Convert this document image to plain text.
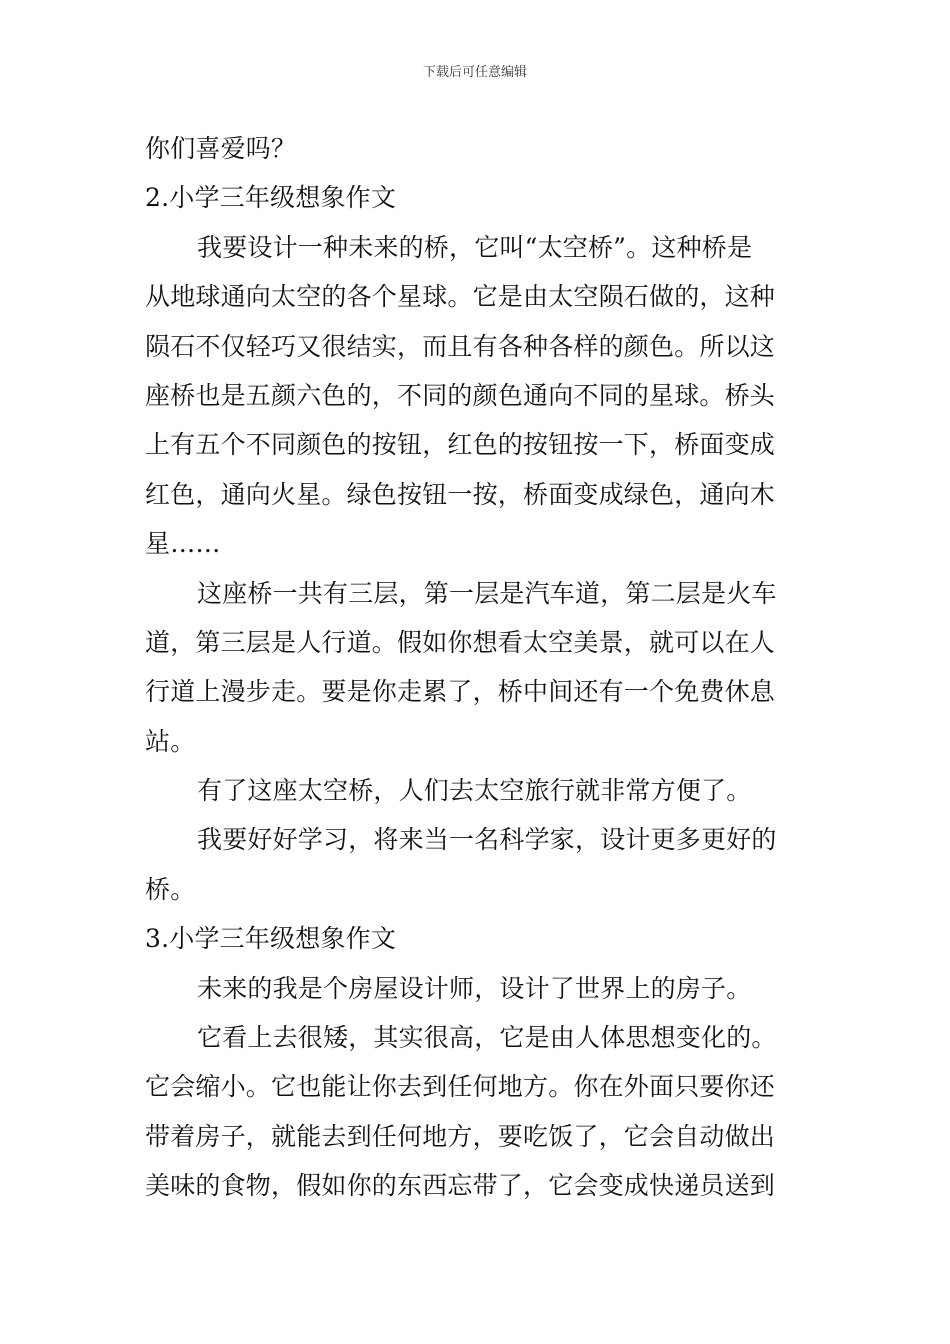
下载后可任意编辑
你们喜爱吗？
2.小学三年级想象作文
我要设计一种未来的桥，它叫“太空桥”。这种桥是
从地球通向太空的各个星球。它是由太空陨石做的，这种
陨石不仅轻巧又很结实，而且有各种各样的颜色。所以这
座桥也是五颜六色的，不同的颜色通向不同的星球。桥头
上有五个不同颜色的按钮，红色的按钮按一下，桥面变成
红色，通向火星。绿色按钮一按，桥面变成绿色，通向木
星……
这座桥一共有三层，第一层是汽车道，第二层是火车
道，第三层是人行道。假如你想看太空美景，就可以在人
行道上漫步走。要是你走累了，桥中间还有一个免费休息
站。
有了这座太空桥，人们去太空旅行就非常方便了。
我要好好学习，将来当一名科学家，设计更多更好的
桥。
3.小学三年级想象作文
未来的我是个房屋设计师，设计了世界上的房子。
它看上去很矮，其实很高，它是由人体思想变化的。
它会缩小。它也能让你去到任何地方。你在外面只要你还
带着房子，就能去到任何地方，要吃饭了，它会自动做出
美味的食物，假如你的东西忘带了，它会变成快递员送到
